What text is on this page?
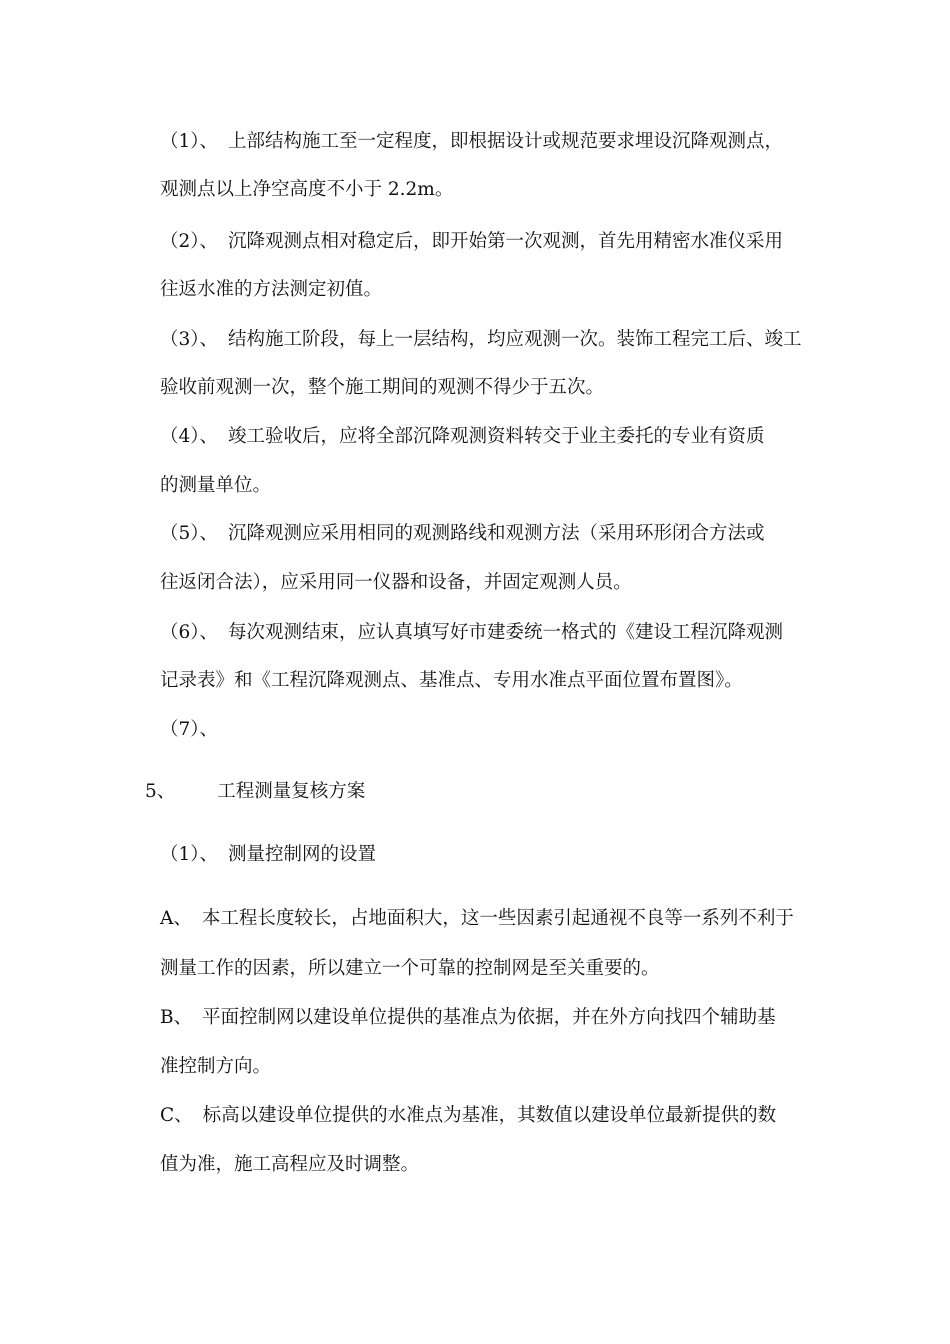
（1）、 上部结构施工至一定程度，即根据设计或规范要求埋设沉降观测点，
观测点以上净空高度不小于 2.2m。
（2）、 沉降观测点相对稳定后，即开始第一次观测，首先用精密水准仪采用
往返水准的方法测定初值。
（3）、 结构施工阶段，每上一层结构，均应观测一次。装饰工程完工后、竣工
验收前观测一次，整个施工期间的观测不得少于五次。
（4）、 竣工验收后，应将全部沉降观测资料转交于业主委托的专业有资质
的测量单位。
（5）、 沉降观测应采用相同的观测路线和观测方法（采用环形闭合方法或
往返闭合法），应采用同一仪器和设备，并固定观测人员。
（6）、 每次观测结束，应认真填写好市建委统一格式的《建设工程沉降观测
记录表》和《工程沉降观测点、基准点、专用水准点平面位置布置图》。
（7）、
5、 工程测量复核方案
（1）、 测量控制网的设置
A、 本工程长度较长，占地面积大，这一些因素引起通视不良等一系列不利于
测量工作的因素，所以建立一个可靠的控制网是至关重要的。
B、 平面控制网以建设单位提供的基准点为依据，并在外方向找四个辅助基
准控制方向。
C、 标高以建设单位提供的水准点为基准，其数值以建设单位最新提供的数
值为准，施工高程应及时调整。
